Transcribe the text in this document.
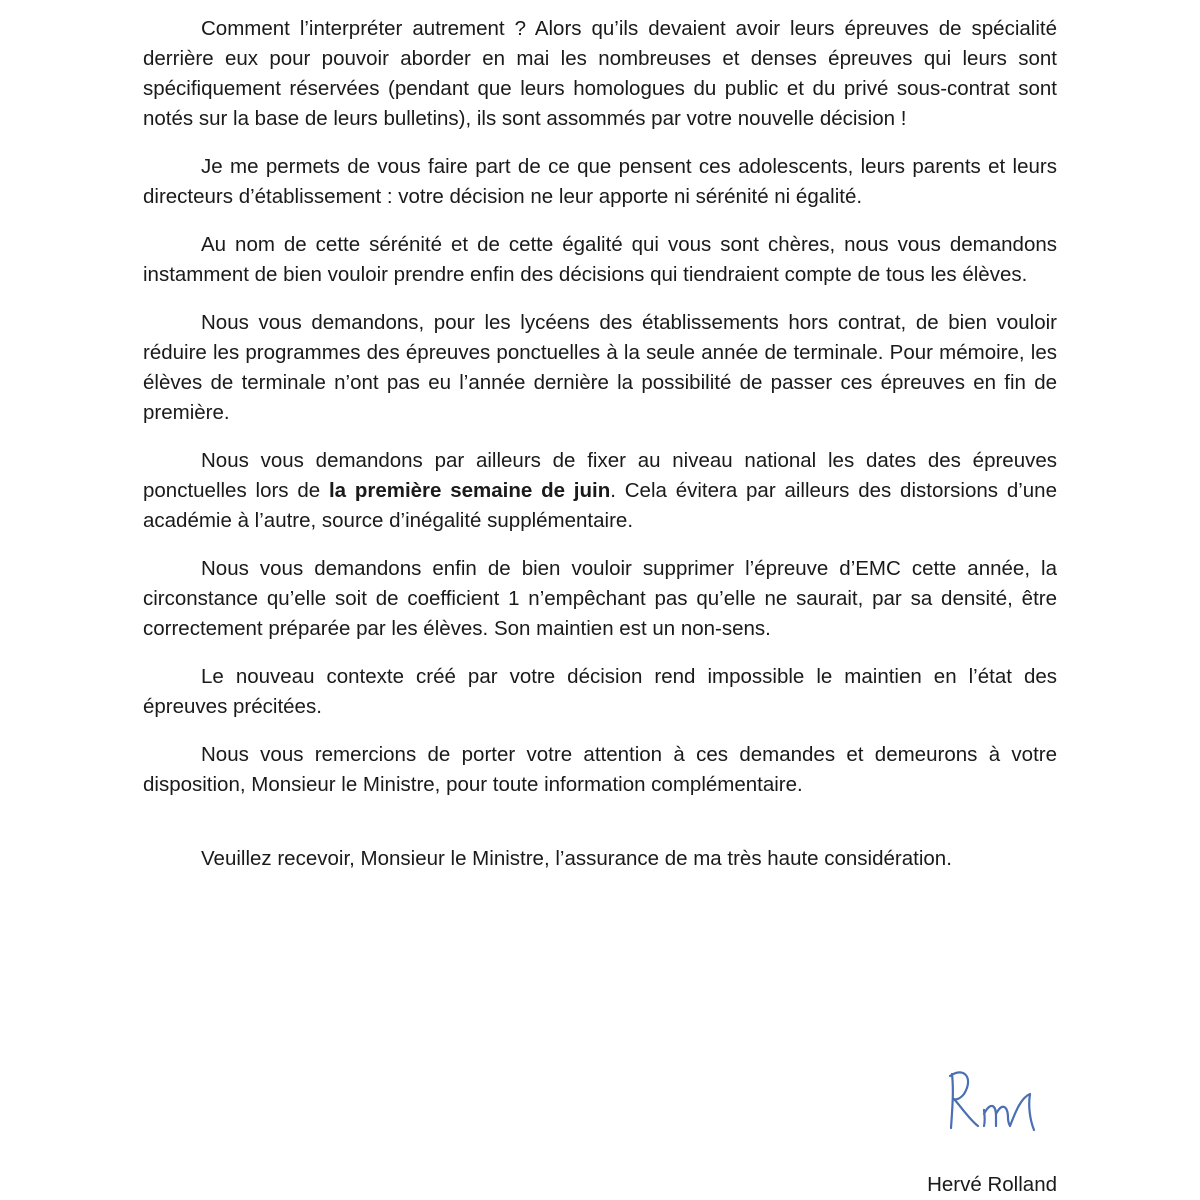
Comment l’interpréter autrement ? Alors qu’ils devaient avoir leurs épreuves de spécialité derrière eux pour pouvoir aborder en mai les nombreuses et denses épreuves qui leurs sont spécifiquement réservées (pendant que leurs homologues du public et du privé sous-contrat sont notés sur la base de leurs bulletins), ils sont assommés par votre nouvelle décision !

Je me permets de vous faire part de ce que pensent ces adolescents, leurs parents et leurs directeurs d’établissement : votre décision ne leur apporte ni sérénité ni égalité.

Au nom de cette sérénité et de cette égalité qui vous sont chères, nous vous demandons instamment de bien vouloir prendre enfin des décisions qui tiendraient compte de tous les élèves.

Nous vous demandons, pour les lycéens des établissements hors contrat, de bien vouloir réduire les programmes des épreuves ponctuelles à la seule année de terminale. Pour mémoire, les élèves de terminale n’ont pas eu l’année dernière la possibilité de passer ces épreuves en fin de première.

Nous vous demandons par ailleurs de fixer au niveau national les dates des épreuves ponctuelles lors de la première semaine de juin. Cela évitera par ailleurs des distorsions d’une académie à l’autre, source d’inégalité supplémentaire.

Nous vous demandons enfin de bien vouloir supprimer l’épreuve d’EMC cette année, la circonstance qu’elle soit de coefficient 1 n’empêchant pas qu’elle ne saurait, par sa densité, être correctement préparée par les élèves. Son maintien est un non-sens.

Le nouveau contexte créé par votre décision rend impossible le maintien en l’état des épreuves précitées.

Nous vous remercions de porter votre attention à ces demandes et demeurons à votre disposition, Monsieur le Ministre, pour toute information complémentaire.

Veuillez recevoir, Monsieur le Ministre, l’assurance de ma très haute considération.

Hervé Rolland
